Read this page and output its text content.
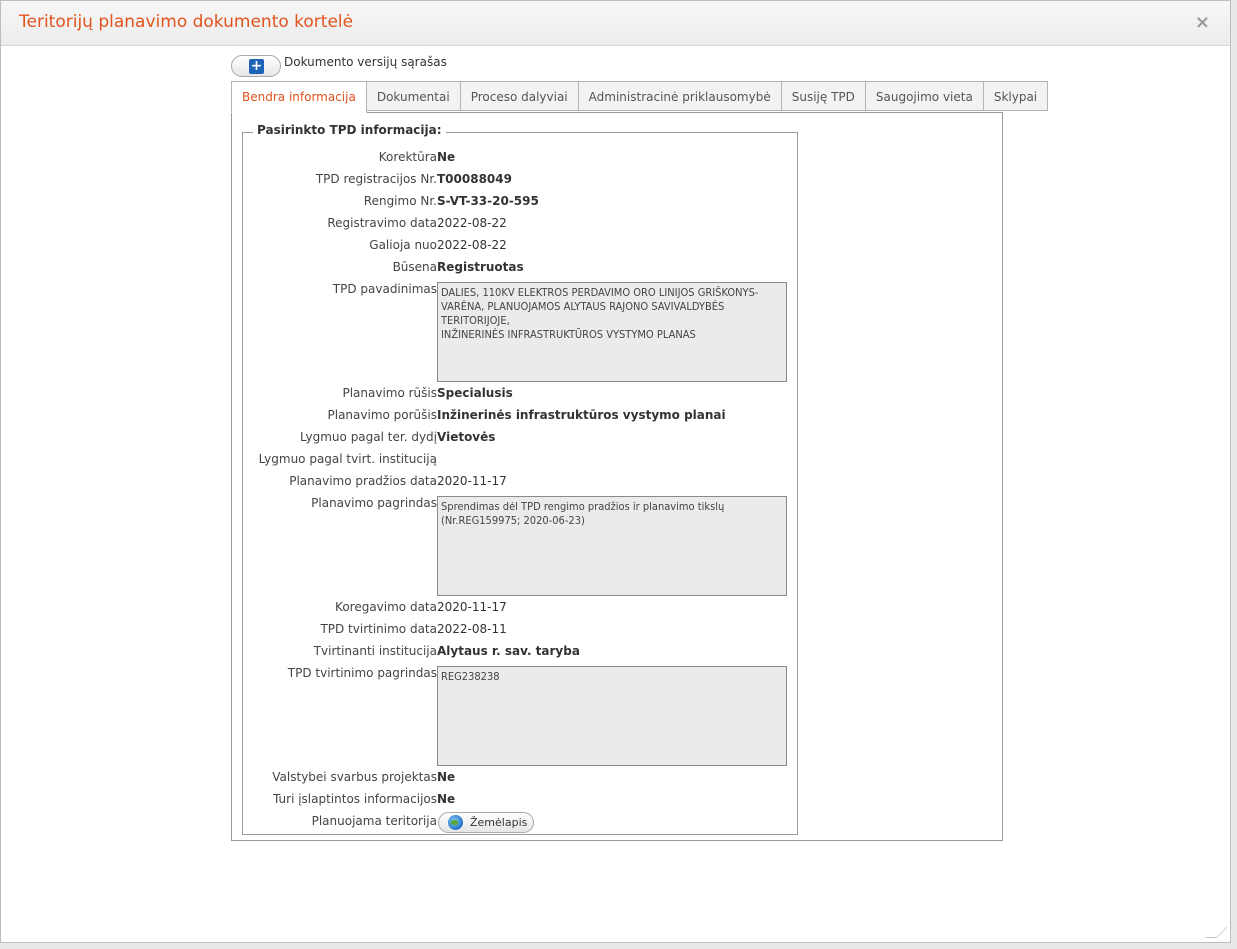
Teritorijų planavimo dokumento kortelė	×
+ Dokumento versijų sąrašas
Bendra informacija	Dokumentai	Proceso dalyviai	Administracinė priklausomybė	Susiję TPD	Saugojimo vieta	Sklypai
Pasirinkto TPD informacija:
Korektūra Ne
TPD registracijos Nr. T00088049
Rengimo Nr. S-VT-33-20-595
Registravimo data 2022-08-22
Galioja nuo 2022-08-22
Būsena Registruotas
TPD pavadinimas DALIES, 110KV ELEKTROS PERDAVIMO ORO LINIJOS GRIŠKONYS-VARĖNA, PLANUOJAMOS ALYTAUS RAJONO SAVIVALDYBĖS TERITORIJOJE,
INŽINERINĖS INFRASTRUKTŪROS VYSTYMO PLANAS
Planavimo rūšis Specialusis
Planavimo porūšis Inžinerinės infrastruktūros vystymo planai
Lygmuo pagal ter. dydį Vietovės
Lygmuo pagal tvirt. instituciją
Planavimo pradžios data 2020-11-17
Planavimo pagrindas Sprendimas dėl TPD rengimo pradžios ir planavimo tikslų
(Nr.REG159975; 2020-06-23)
Koregavimo data 2020-11-17
TPD tvirtinimo data 2022-08-11
Tvirtinanti institucija Alytaus r. sav. taryba
TPD tvirtinimo pagrindas REG238238
Valstybei svarbus projektas Ne
Turi įslaptintos informacijos Ne
Planuojama teritorija	Žemėlapis
